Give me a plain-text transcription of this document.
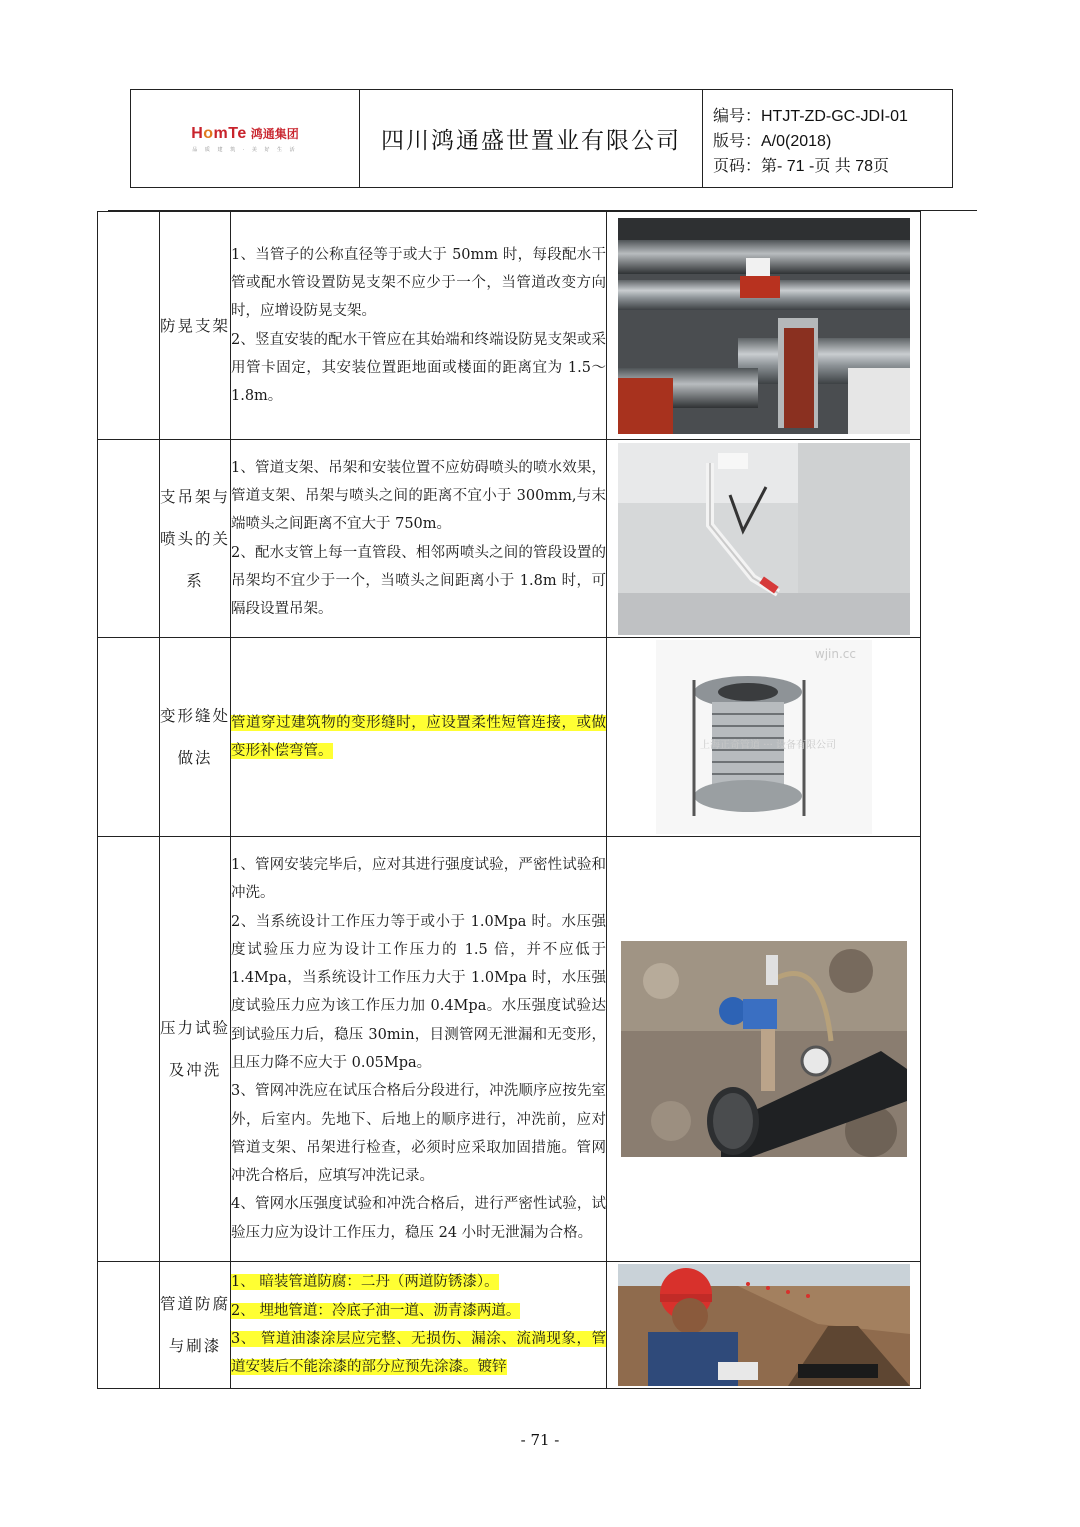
HomTe 鸿通集团
品 质 建 筑 · 美 好 生 活	四川鸿通盛世置业有限公司
编号：HTJT-ZD-GC-JDⅠ-01
版号：A/0(2018)
页码：第- 71 -页 共 78页
	防晃支架	1、当管子的公称直径等于或大于 50mm 时，每段配水干管或配水管设置防晃支架不应少于一个，当管道改变方向时，应增设防晃支架。

2、竖直安装的配水干管应在其始端和终端设防晃支架或采用管卡固定，其安装位置距地面或楼面的距离宜为 1.5～1.8m。

	支吊架与喷头的关系	1、管道支架、吊架和安装位置不应妨碍喷头的喷水效果，管道支架、吊架与喷头之间的距离不宜小于 300mm,与末端喷头之间距离不宜大于 750m。

2、配水支管上每一直管段、相邻两喷头之间的管段设置的吊架均不宜少于一个，当喷头之间距离小于 1.8m 时，可隔段设置吊架。

	变形缝处做法	管道穿过建筑物的变形缝时，应设置柔性短管连接，或做变形补偿弯管。	wjin.cc
上海正奇管道 ··· 设备有限公司

	压力试验及冲洗	1、管网安装完毕后，应对其进行强度试验，严密性试验和冲洗。

2、当系统设计工作压力等于或小于 1.0Mpa 时。水压强度试验压力应为设计工作压力的 1.5 倍，并不应低于 1.4Mpa，当系统设计工作压力大于 1.0Mpa 时，水压强度试验压力应为该工作压力加 0.4Mpa。水压强度试验达到试验压力后，稳压 30min，目测管网无泄漏和无变形，且压力降不应大于 0.05Mpa。

3、管网冲洗应在试压合格后分段进行，冲洗顺序应按先室外，后室内。先地下、后地上的顺序进行，冲洗前，应对管道支架、吊架进行检查，必须时应采取加固措施。管网冲洗合格后，应填写冲洗记录。

4、管网水压强度试验和冲洗合格后，进行严密性试验，试验压力应为设计工作压力，稳压 24 小时无泄漏为合格。

	管道防腐与刷漆	1、 暗装管道防腐：二丹（两道防锈漆）。

2、 埋地管道：冷底子油一道、沥青漆两道。

3、 管道油漆涂层应完整、无损伤、漏涂、流淌现象，管道安装后不能涂漆的部分应预先涂漆。镀锌

- 71 -
